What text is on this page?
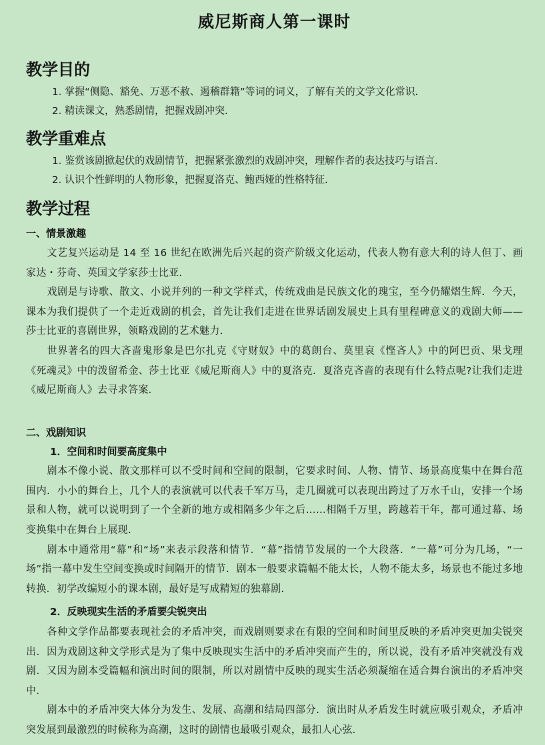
威尼斯商人第一课时
教学目的
1. 掌握“侧隐、豁免、万恶不赦、遏稽群籍”等词的词义，了解有关的文学文化常识．
2. 精读课文，熟悉剧情，把握戏剧冲突．
教学重难点
1. 鉴赏该剧掀起伏的戏剧情节，把握紧张激烈的戏剧冲突，理解作者的表达技巧与语言．
2. 认识个性鲜明的人物形象，把握夏洛克、鲍西娅的性格特征．
教学过程
一、情景激趣

文艺复兴运动是 14 至 16 世纪在欧洲先后兴起的资产阶级文化运动，代表人物有意大利的诗人但丁、画家达・芬奇、英国文学家莎士比亚．

戏剧是与诗歌、散文、小说并列的一种文学样式，传统戏曲是民族文化的瑰宝，至今仍耀熠生辉．今天，课本为我们提供了一个走近戏剧的机会，首先让我们走进在世界话剧发展史上具有里程碑意义的戏剧大师——莎士比亚的喜剧世界，领略戏剧的艺术魅力．

世界著名的四大吝啬鬼形象是巴尔扎克《守财奴》中的葛朗台、莫里哀《悭吝人》中的阿巴贡、果戈理《死魂灵》中的泼留希金、莎士比亚《威尼斯商人》中的夏洛克．夏洛克吝啬的表现有什么特点呢?让我们走进《威尼斯商人》去寻求答案．

二、戏剧知识
1．空间和时间要高度集中

剧本不像小说、散文那样可以不受时间和空间的限制，它要求时间、人物、情节、场景高度集中在舞台范围内．小小的舞台上，几个人的表演就可以代表千军万马，走几圈就可以表现出跨过了万水千山，安排一个场景和人物，就可以说明到了一个全新的地方或相隔多少年之后……相隔千万里，跨越若干年，都可通过幕、场变换集中在舞台上展现．

剧本中通常用“幕”和“场”来表示段落和情节．“幕”指情节发展的一个大段落．“一幕”可分为几场，“一场”指一幕中发生空间变换或时间隔开的情节．剧本一般要求篇幅不能太长，人物不能太多，场景也不能过多地转换．初学改编短小的课本剧，最好是写成精短的独幕剧．

2．反映现实生活的矛盾要尖锐突出

各种文学作品都要表现社会的矛盾冲突，而戏剧则要求在有限的空间和时间里反映的矛盾冲突更加尖锐突出．因为戏剧这种文学形式是为了集中反映现实生活中的矛盾冲突而产生的，所以说，没有矛盾冲突就没有戏剧．又因为剧本受篇幅和演出时间的限制，所以对剧情中反映的现实生活必须凝缩在适合舞台演出的矛盾冲突中．

剧本中的矛盾冲突大体分为发生、发展、高潮和结局四部分．演出时从矛盾发生时就应吸引观众，矛盾冲突发展到最激烈的时候称为高潮，这时的剧情也最吸引观众，最扣人心弦．
